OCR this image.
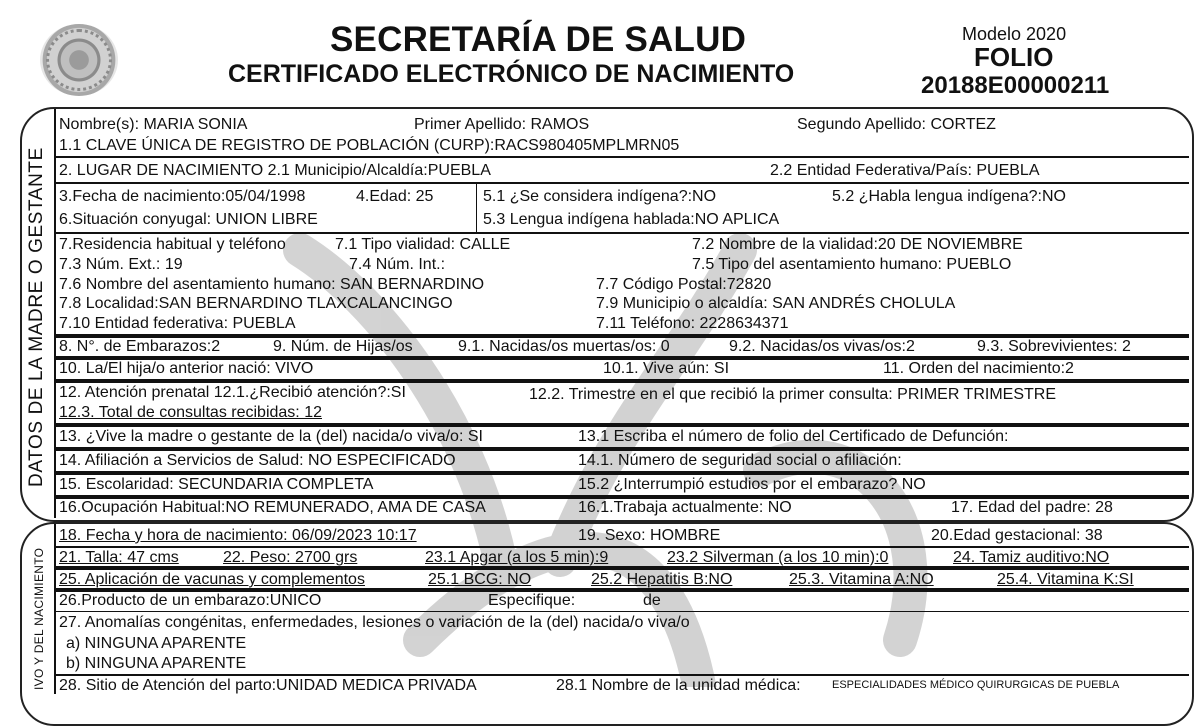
SECRETARÍA DE SALUD
CERTIFICADO ELECTRÓNICO DE NACIMIENTO
Modelo 2020
FOLIO
20188E00000211
DATOS DE LA MADRE O GESTANTE
Nombre(s): MARIA SONIA	Primer Apellido: RAMOS	Segundo Apellido: CORTEZ
1.1 CLAVE ÚNICA DE REGISTRO DE POBLACIÓN (CURP):RACS980405MPLMRN05
2. LUGAR DE NACIMIENTO 2.1 Municipio/Alcaldía:PUEBLA	2.2 Entidad Federativa/País: PUEBLA
3.Fecha de nacimiento:05/04/1998	4.Edad: 25	5.1 ¿Se considera indígena?:NO	5.2 ¿Habla lengua indígena?:NO
6.Situación conyugal: UNION LIBRE	5.3 Lengua indígena hablada:NO APLICA
7.Residencia habitual y teléfono	7.1 Tipo vialidad: CALLE	7.2 Nombre de la vialidad:20 DE NOVIEMBRE
7.3 Núm. Ext.: 19	7.4 Núm. Int.:	7.5 Tipo del asentamiento humano: PUEBLO
7.6 Nombre del asentamiento humano: SAN BERNARDINO	7.7 Código Postal:72820
7.8 Localidad:SAN BERNARDINO TLAXCALANCINGO	7.9 Municipio o alcaldía: SAN ANDRÉS CHOLULA
7.10 Entidad federativa: PUEBLA	7.11 Teléfono: 2228634371
8. N°. de Embarazos:2	9. Núm. de Hijas/os	9.1. Nacidas/os muertas/os: 0	9.2. Nacidas/os vivas/os:2	9.3. Sobrevivientes: 2
10. La/El hija/o anterior nació: VIVO	10.1. Vive aún: SI	11. Orden del nacimiento:2
12. Atención prenatal 12.1.¿Recibió atención?:SI	12.2. Trimestre en el que recibió la primer consulta: PRIMER TRIMESTRE
12.3. Total de consultas recibidas: 12
13. ¿Vive la madre o gestante de la (del) nacida/o viva/o: SI	13.1 Escriba el número de folio del Certificado de Defunción:
14. Afiliación a Servicios de Salud: NO ESPECIFICADO	14.1. Número de seguridad social o afiliación:
15. Escolaridad: SECUNDARIA COMPLETA	15.2 ¿Interrumpió estudios por el embarazo? NO
16.Ocupación Habitual:NO REMUNERADO, AMA DE CASA	16.1.Trabaja actualmente: NO	17. Edad del padre: 28
IVO Y DEL NACIMIENTO
18. Fecha y hora de nacimiento: 06/09/2023 10:17	19. Sexo: HOMBRE	20.Edad gestacional: 38
21. Talla: 47 cms	22. Peso: 2700 grs	23.1 Apgar (a los 5 min):9	23.2 Silverman (a los 10 min):0	24. Tamiz auditivo:NO
25. Aplicación de vacunas y complementos	25.1 BCG: NO	25.2 Hepatitis B:NO	25.3. Vitamina A:NO	25.4. Vitamina K:SI
26.Producto de un embarazo:UNICO	Especifique:	de
27. Anomalías congénitas, enfermedades, lesiones o variación de la (del) nacida/o viva/o
a) NINGUNA APARENTE
b) NINGUNA APARENTE
28. Sitio de Atención del parto:UNIDAD MEDICA PRIVADA	28.1 Nombre de la unidad médica:	ESPECIALIDADES MÉDICO QUIRURGICAS DE PUEBLA
